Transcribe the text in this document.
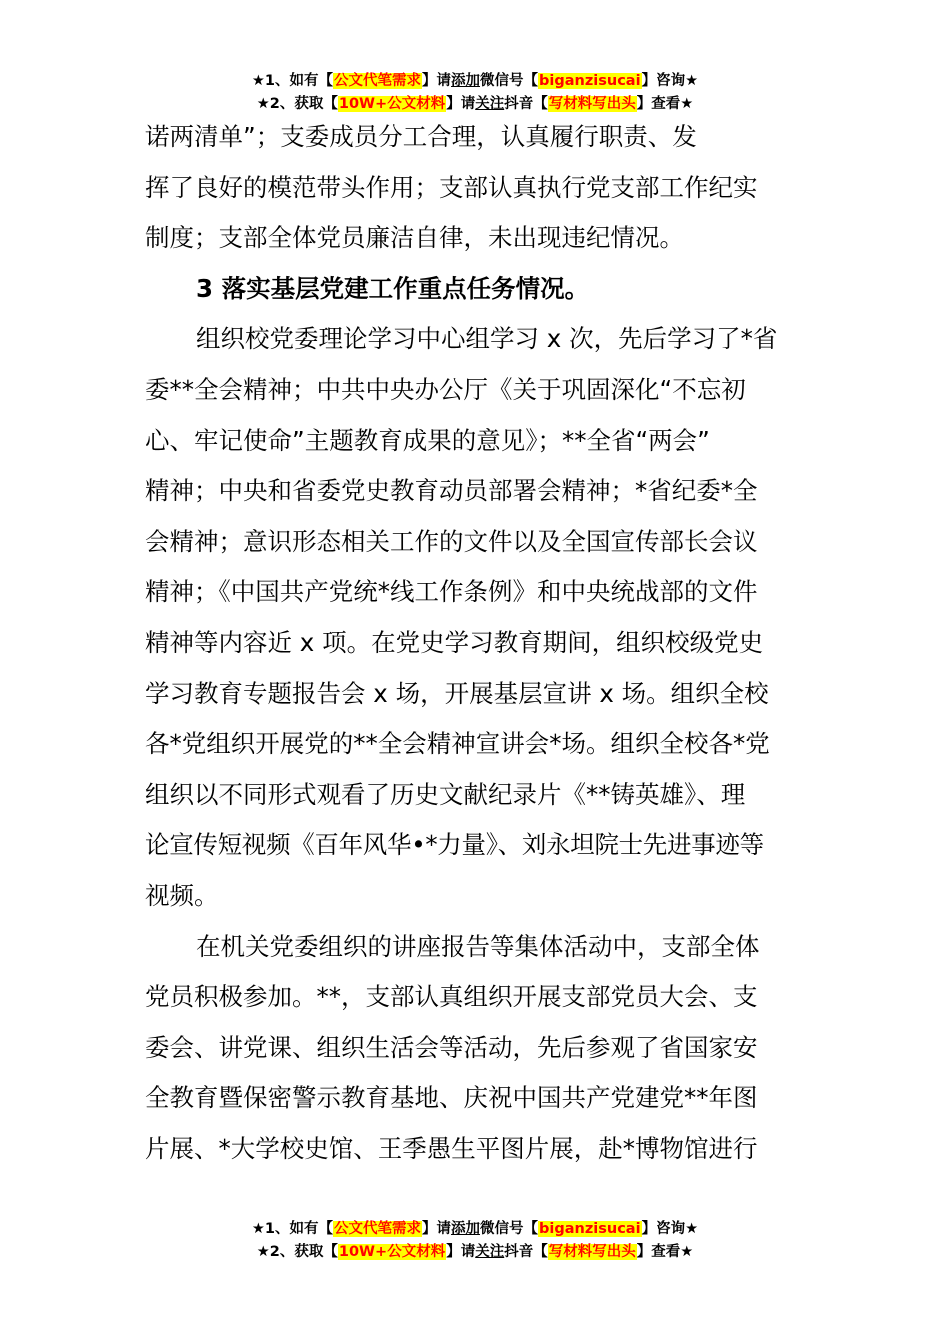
★1、如有【公文代笔需求】请添加微信号【biganzisucai】咨询★
★2、获取【10W+公文材料】请关注抖音【写材料写出头】查看★
诺两清单”；支委成员分工合理，认真履行职责、发
挥了良好的模范带头作用；支部认真执行党支部工作纪实
制度；支部全体党员廉洁自律，未出现违纪情况。
3 落实基层党建工作重点任务情况。
组织校党委理论学习中心组学习 x 次，先后学习了*省
委**全会精神；中共中央办公厅《关于巩固深化“不忘初
心、牢记使命”主题教育成果的意见》；**全省“两会”
精神；中央和省委党史教育动员部署会精神；*省纪委*全
会精神；意识形态相关工作的文件以及全国宣传部长会议
精神；《中国共产党统*线工作条例》和中央统战部的文件
精神等内容近 x 项。在党史学习教育期间，组织校级党史
学习教育专题报告会 x 场，开展基层宣讲 x 场。组织全校
各*党组织开展党的**全会精神宣讲会*场。组织全校各*党
组织以不同形式观看了历史文献纪录片《**铸英雄》、理
论宣传短视频《百年风华•*力量》、刘永坦院士先进事迹等
视频。
在机关党委组织的讲座报告等集体活动中，支部全体
党员积极参加。**，支部认真组织开展支部党员大会、支
委会、讲党课、组织生活会等活动，先后参观了省国家安
全教育暨保密警示教育基地、庆祝中国共产党建党**年图
片展、*大学校史馆、王季愚生平图片展，赴*博物馆进行
★1、如有【公文代笔需求】请添加微信号【biganzisucai】咨询★
★2、获取【10W+公文材料】请关注抖音【写材料写出头】查看★
